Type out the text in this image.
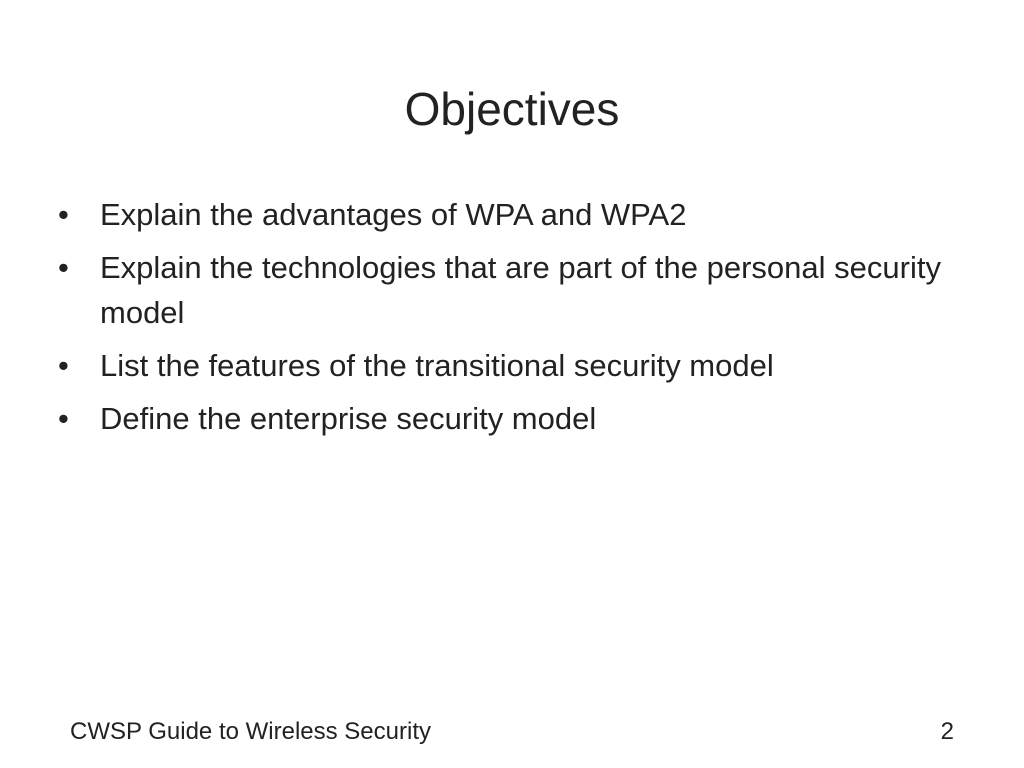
Objectives
• Explain the advantages of WPA and WPA2
• Explain the technologies that are part of the personal security model
• List the features of the transitional security model
• Define the enterprise security model
CWSP Guide to Wireless Security	2
